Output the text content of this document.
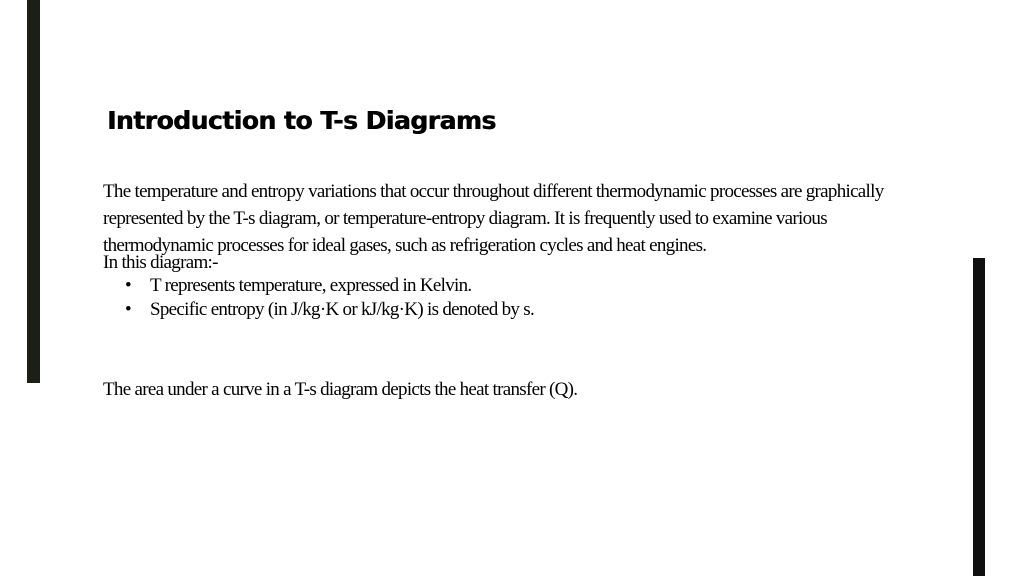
Introduction to T-s Diagrams

The temperature and entropy variations that occur throughout different thermodynamic processes are graphically represented by the T-s diagram, or temperature-entropy diagram. It is frequently used to examine various thermodynamic processes for ideal gases, such as refrigeration cycles and heat engines.

In this diagram:-

• T represents temperature, expressed in Kelvin.
• Specific entropy (in J/kg·K or kJ/kg·K) is denoted by s.

The area under a curve in a T-s diagram depicts the heat transfer (Q).
